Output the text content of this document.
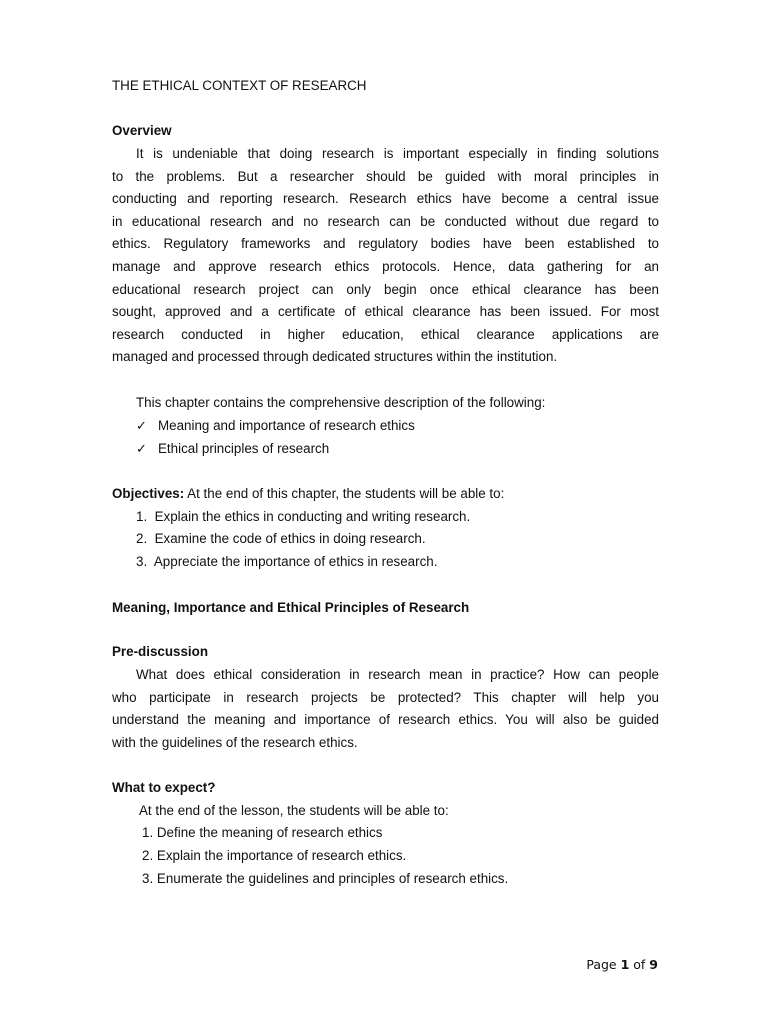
THE ETHICAL CONTEXT OF RESEARCH
Overview
It is undeniable that doing research is important especially in finding solutions
to the problems. But a researcher should be guided with moral principles in
conducting and reporting research. Research ethics have become a central issue
in educational research and no research can be conducted without due regard to
ethics. Regulatory frameworks and regulatory bodies have been established to
manage and approve research ethics protocols. Hence, data gathering for an
educational research project can only begin once ethical clearance has been
sought, approved and a certificate of ethical clearance has been issued. For most
research conducted in higher education, ethical clearance applications are
managed and processed through dedicated structures within the institution.
This chapter contains the comprehensive description of the following:
✓ Meaning and importance of research ethics
✓ Ethical principles of research
Objectives: At the end of this chapter, the students will be able to:
1.  Explain the ethics in conducting and writing research.
2.  Examine the code of ethics in doing research.
3.  Appreciate the importance of ethics in research.
Meaning, Importance and Ethical Principles of Research
Pre-discussion
What does ethical consideration in research mean in practice? How can people
who participate in research projects be protected? This chapter will help you
understand the meaning and importance of research ethics. You will also be guided
with the guidelines of the research ethics.
What to expect?
At the end of the lesson, the students will be able to:
1. Define the meaning of research ethics
2. Explain the importance of research ethics.
3. Enumerate the guidelines and principles of research ethics.
Page 1 of 9
